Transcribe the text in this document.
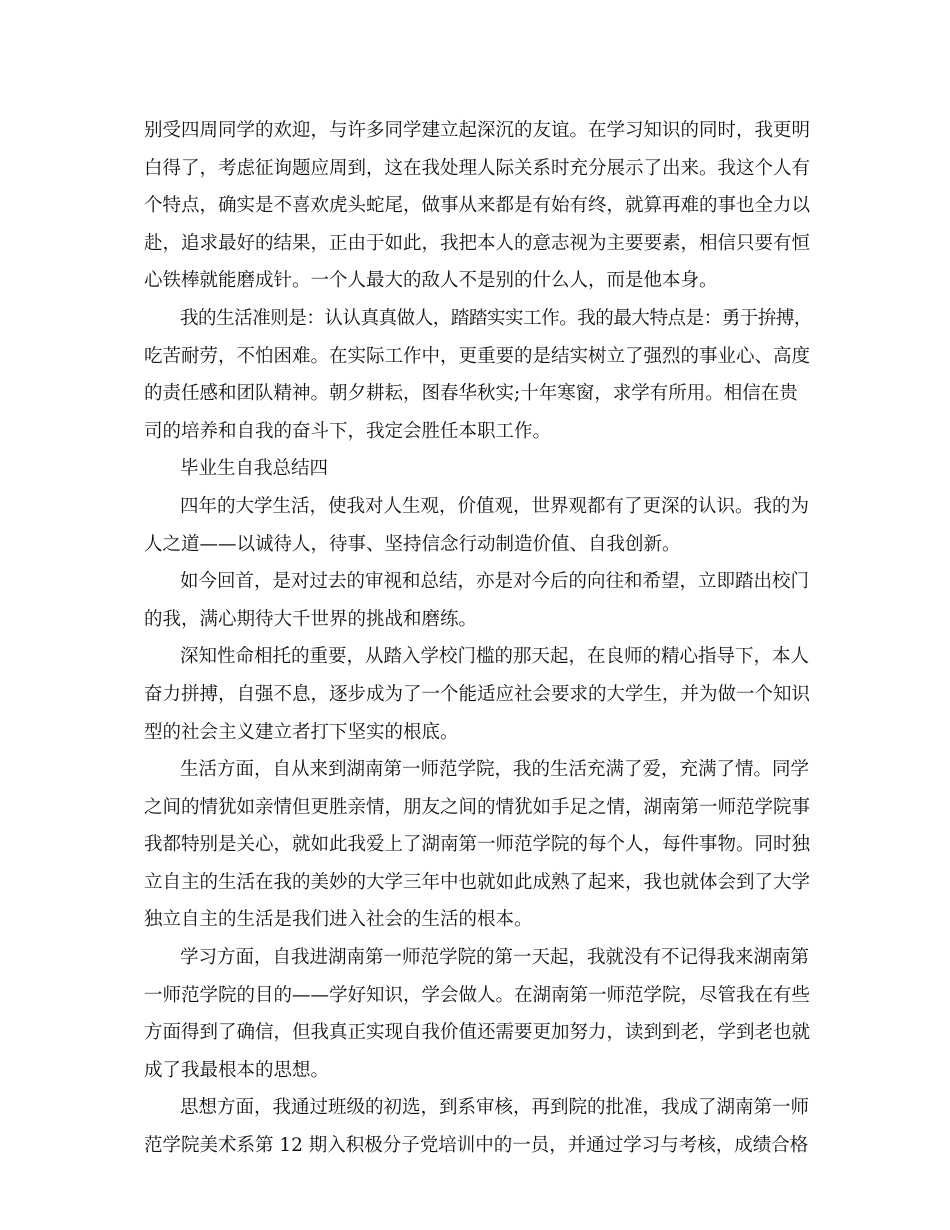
别受四周同学的欢迎，与许多同学建立起深沉的友谊。在学习知识的同时，我更明
白得了，考虑征询题应周到，这在我处理人际关系时充分展示了出来。我这个人有
个特点，确实是不喜欢虎头蛇尾，做事从来都是有始有终，就算再难的事也全力以
赴，追求最好的结果，正由于如此，我把本人的意志视为主要要素，相信只要有恒
心铁棒就能磨成针。一个人最大的敌人不是别的什么人，而是他本身。
我的生活准则是：认认真真做人，踏踏实实工作。我的最大特点是：勇于拚搏，
吃苦耐劳，不怕困难。在实际工作中，更重要的是结实树立了强烈的事业心、高度
的责任感和团队精神。朝夕耕耘，图春华秋实;十年寒窗，求学有所用。相信在贵
司的培养和自我的奋斗下，我定会胜任本职工作。
毕业生自我总结四
四年的大学生活，使我对人生观，价值观，世界观都有了更深的认识。我的为
人之道——以诚待人，待事、坚持信念行动制造价值、自我创新。
如今回首，是对过去的审视和总结，亦是对今后的向往和希望，立即踏出校门
的我，满心期待大千世界的挑战和磨练。
深知性命相托的重要，从踏入学校门槛的那天起，在良师的精心指导下，本人
奋力拼搏，自强不息，逐步成为了一个能适应社会要求的大学生，并为做一个知识
型的社会主义建立者打下坚实的根底。
生活方面，自从来到湖南第一师范学院，我的生活充满了爱，充满了情。同学
之间的情犹如亲情但更胜亲情，朋友之间的情犹如手足之情，湖南第一师范学院事
我都特别是关心，就如此我爱上了湖南第一师范学院的每个人，每件事物。同时独
立自主的生活在我的美妙的大学三年中也就如此成熟了起来，我也就体会到了大学
独立自主的生活是我们进入社会的生活的根本。
学习方面，自我进湖南第一师范学院的第一天起，我就没有不记得我来湖南第
一师范学院的目的——学好知识，学会做人。在湖南第一师范学院，尽管我在有些
方面得到了确信，但我真正实现自我价值还需要更加努力，读到到老，学到老也就
成了我最根本的思想。
思想方面，我通过班级的初选，到系审核，再到院的批准，我成了湖南第一师
范学院美术系第 12 期入积极分子党培训中的一员，并通过学习与考核，成绩合格
